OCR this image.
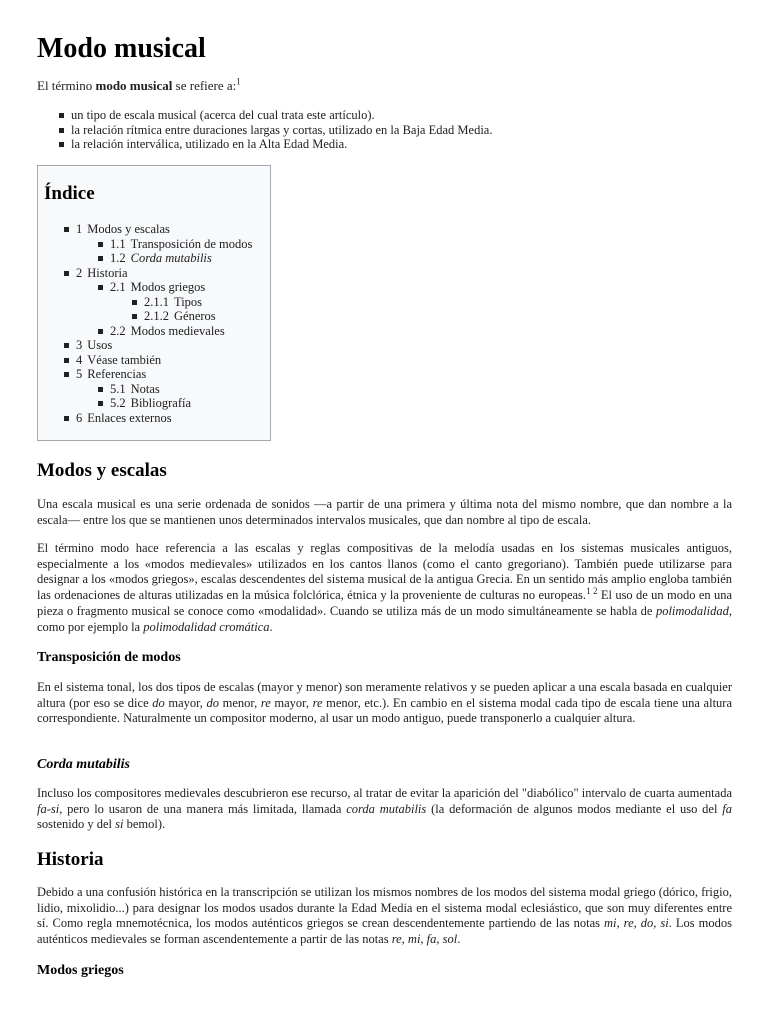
Modo musical

El término modo musical se refiere a:$^1$

un tipo de escala musical (acerca del cual trata este artículo).
la relación rítmica entre duraciones largas y cortas, utilizado en la Baja Edad Media.
la relación interválica, utilizado en la Alta Edad Media.
Índice
1 Modos y escalas
1.1 Transposición de modos
1.2 Corda mutabilis
2 Historia
2.1 Modos griegos
2.1.1 Tipos
2.1.2 Géneros
2.2 Modos medievales
3 Usos
4 Véase también
5 Referencias
5.1 Notas
5.2 Bibliografía
6 Enlaces externos
Modos y escalas

Una escala musical es una serie ordenada de sonidos —a partir de una primera y última nota del mismo nombre, que dan nombre a la escala— entre los que se mantienen unos determinados intervalos musicales, que dan nombre al tipo de escala.

El término modo hace referencia a las escalas y reglas compositivas de la melodía usadas en los sistemas musicales antiguos, especialmente a los «modos medievales» utilizados en los cantos llanos (como el canto gregoriano). También puede utilizarse para designar a los «modos griegos», escalas descendentes del sistema musical de la antigua Grecia. En un sentido más amplio engloba también las ordenaciones de alturas utilizadas en la música folclórica, étnica y la proveniente de culturas no europeas.$^{1 2}$ El uso de un modo en una pieza o fragmento musical se conoce como «modalidad». Cuando se utiliza más de un modo simultáneamente se habla de polimodalidad, como por ejemplo la polimodalidad cromática.

Transposición de modos

En el sistema tonal, los dos tipos de escalas (mayor y menor) son meramente relativos y se pueden aplicar a una escala basada en cualquier altura (por eso se dice do mayor, do menor, re mayor, re menor, etc.). En cambio en el sistema modal cada tipo de escala tiene una altura correspondiente. Naturalmente un compositor moderno, al usar un modo antiguo, puede transponerlo a cualquier altura.

Corda mutabilis

Incluso los compositores medievales descubrieron ese recurso, al tratar de evitar la aparición del "diabólico" intervalo de cuarta aumentada fa-si, pero lo usaron de una manera más limitada, llamada corda mutabilis (la deformación de algunos modos mediante el uso del fa sostenido y del si bemol).

Historia

Debido a una confusión histórica en la transcripción se utilizan los mismos nombres de los modos del sistema modal griego (dórico, frigio, lidio, mixolidio...) para designar los modos usados durante la Edad Media en el sistema modal eclesiástico, que son muy diferentes entre sí. Como regla mnemotécnica, los modos auténticos griegos se crean descendentemente partiendo de las notas mi, re, do, si. Los modos auténticos medievales se forman ascendentemente a partir de las notas re, mi, fa, sol.

Modos griegos
